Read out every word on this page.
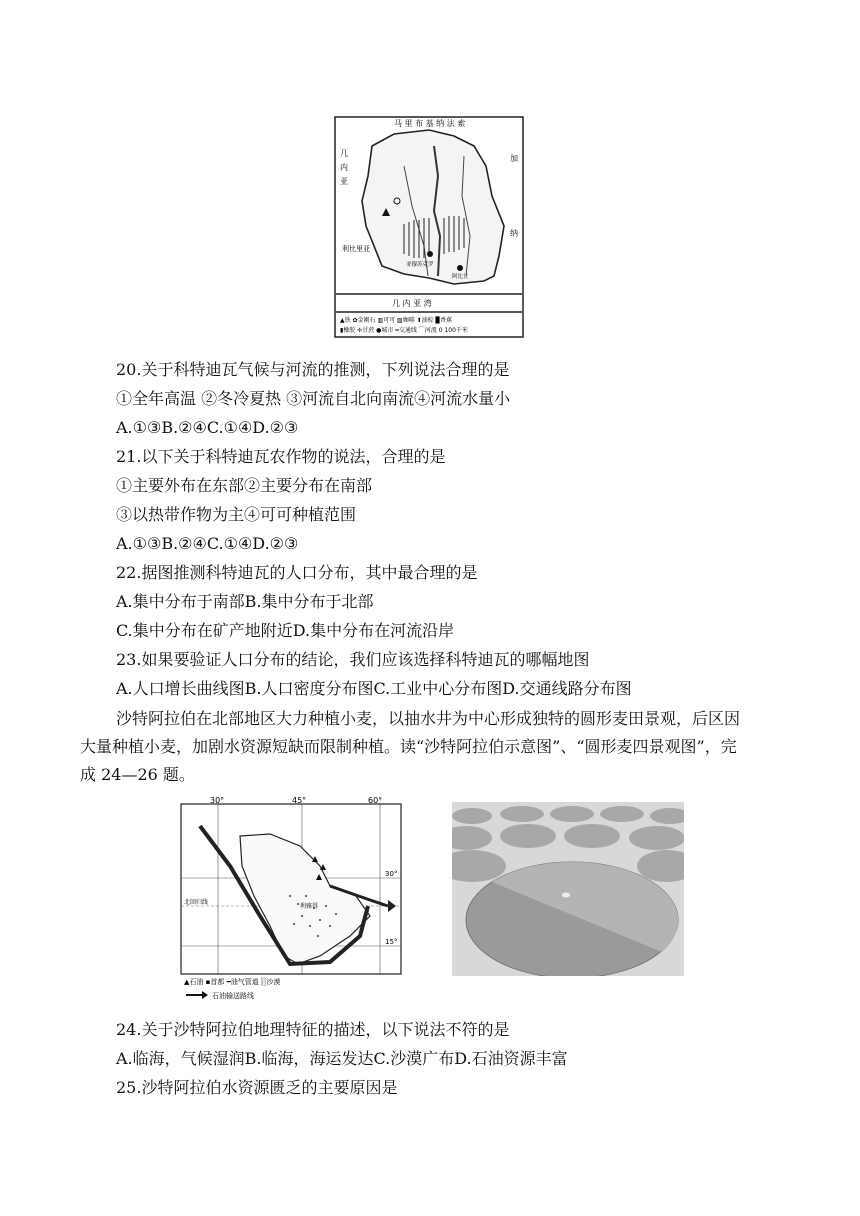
马 里 布 基 纳 法 索
几内亚
利比里亚
加
纳
几 内 亚 湾
亚穆苏克罗
阿比让
▲铁 ✿金刚石 ▥可可 ▧咖啡 ⬆油棕 ▉香蕉
▮橡胶 ✢甘蔗 ●城市 ━交通线 ⌒河流 0 100千米
20.关于科特迪瓦气候与河流的推测，下列说法合理的是
①全年高温 ②冬冷夏热 ③河流自北向南流④河流水量小
A.①③B.②④C.①④D.②③
21.以下关于科特迪瓦农作物的说法，合理的是
①主要外布在东部②主要分布在南部
③以热带作物为主④可可种植范围
A.①③B.②④C.①④D.②③
22.据图推测科特迪瓦的人口分布，其中最合理的是
A.集中分布于南部B.集中分布于北部
C.集中分布在矿产地附近D.集中分布在河流沿岸
23.如果要验证人口分布的结论，我们应该选择科特迪瓦的哪幅地图
A.人口增长曲线图B.人口密度分布图C.工业中心分布图D.交通线路分布图
沙特阿拉伯在北部地区大力种植小麦，以抽水井为中心形成独特的圆形麦田景观，后区因
大量种植小麦，加剧水资源短缺而限制种植。读“沙特阿拉伯示意图”、“圆形麦四景观图”，完
成 24—26 题。
30°	45°	60°
30°
15°
北回归线
利雅得
▲石油 ▪首都 ━油气管道 ░沙漠
石油输送路线
24.关于沙特阿拉伯地理特征的描述，以下说法不符的是
A.临海，气候湿润B.临海，海运发达C.沙漠广布D.石油资源丰富
25.沙特阿拉伯水资源匮乏的主要原因是
